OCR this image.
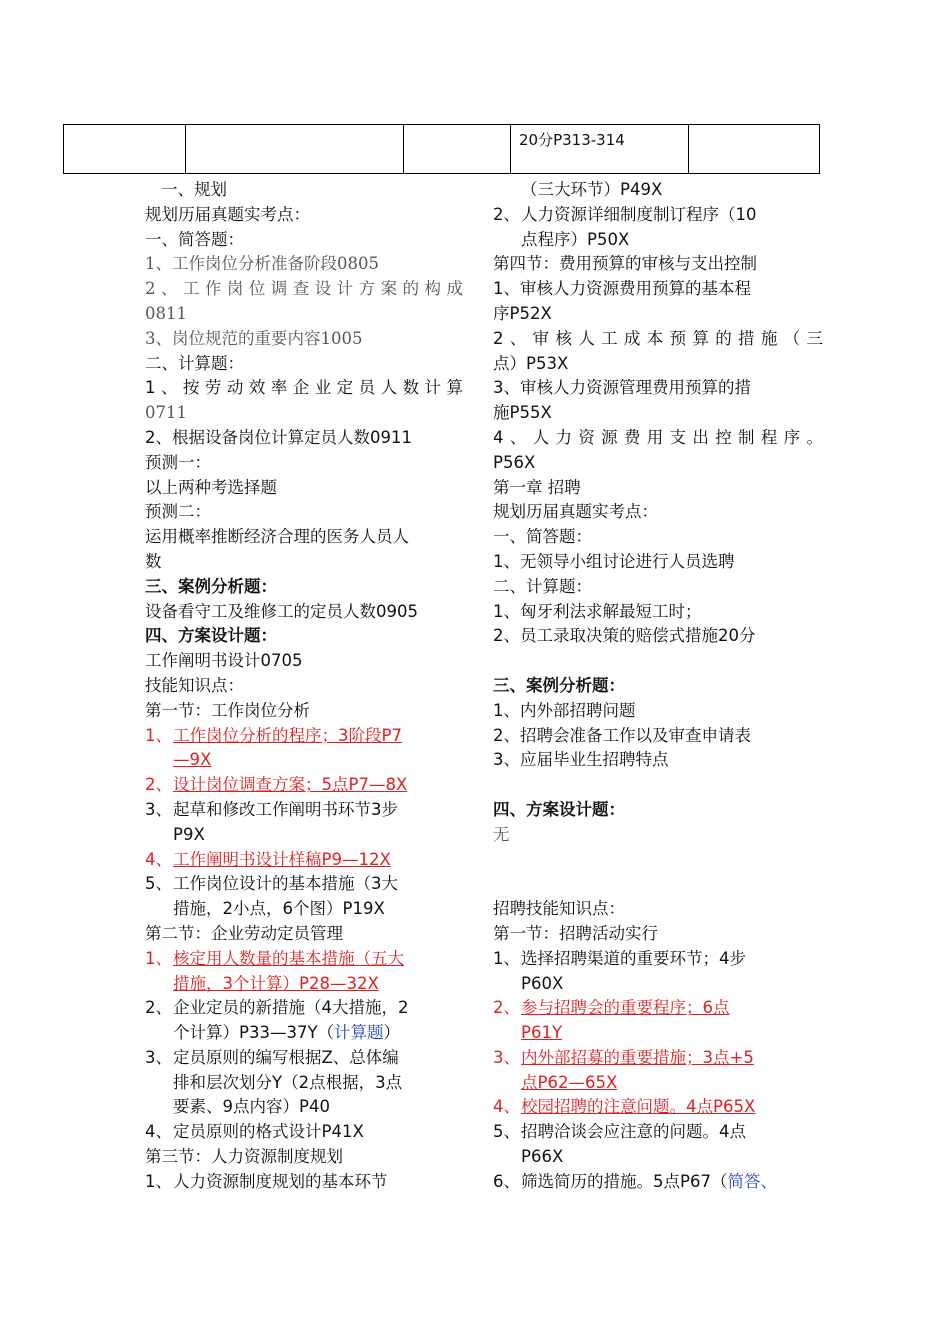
20分P313-314
一、规划
规划历届真题实考点：
一、简答题：
1、工作岗位分析准备阶段0805
2、工作岗位调查设计方案的构成
0811
3、岗位规范的重要内容1005
二、计算题：
1、按劳动效率企业定员人数计算
0711
2、根据设备岗位计算定员人数0911
预测一：
以上两种考选择题
预测二：
运用概率推断经济合理的医务人员人
数
三、案例分析题：
设备看守工及维修工的定员人数0905
四、方案设计题：
工作阐明书设计0705
技能知识点：
第一节：工作岗位分析
1、工作岗位分析的程序；3阶段P7
—9X
2、设计岗位调查方案；5点P7—8X
3、起草和修改工作阐明书环节3步
P9X
4、工作阐明书设计样稿P9—12X
5、工作岗位设计的基本措施（3大
措施，2小点，6个图）P19X
第二节：企业劳动定员管理
1、核定用人数量的基本措施（五大
措施，3个计算）P28—32X
2、企业定员的新措施（4大措施，2
个计算）P33—37Y（计算题）
3、定员原则的编写根据Z、总体编
排和层次划分Y（2点根据，3点
要素、9点内容）P40
4、定员原则的格式设计P41X
第三节：人力资源制度规划
1、人力资源制度规划的基本环节
（三大环节）P49X
2、人力资源详细制度制订程序（10
点程序）P50X
第四节：费用预算的审核与支出控制
1、审核人力资源费用预算的基本程
序P52X
2、审核人工成本预算的措施（三
点）P53X
3、审核人力资源管理费用预算的措
施P55X
4、人力资源费用支出控制程序。
P56X
第一章 招聘
规划历届真题实考点：
一、简答题：
1、无领导小组讨论进行人员选聘
二、计算题：
1、匈牙利法求解最短工时；
2、员工录取决策的赔偿式措施20分
三、案例分析题：
1、内外部招聘问题
2、招聘会准备工作以及审查申请表
3、应届毕业生招聘特点
四、方案设计题：
无
招聘技能知识点：
第一节：招聘活动实行
1、选择招聘渠道的重要环节；4步
P60X
2、参与招聘会的重要程序；6点
P61Y
3、内外部招募的重要措施；3点+5
点P62—65X
4、校园招聘的注意问题。4点P65X
5、招聘洽谈会应注意的问题。4点
P66X
6、筛选简历的措施。5点P67（简答、
